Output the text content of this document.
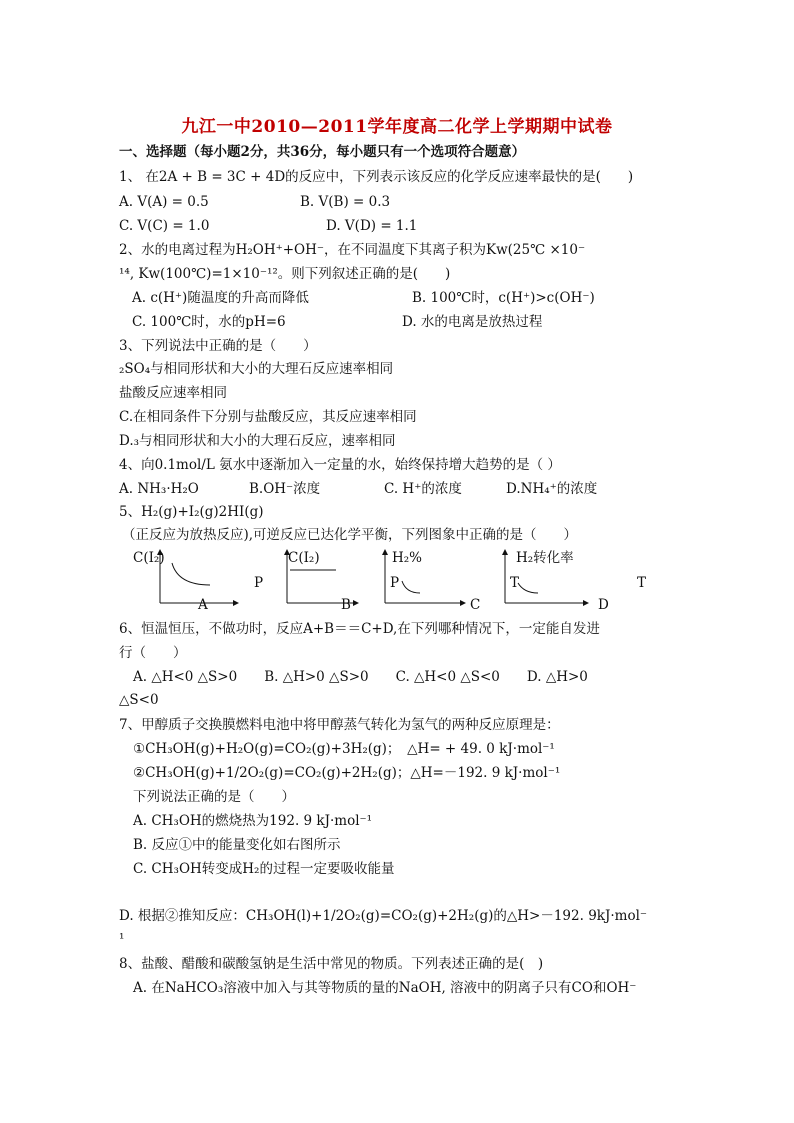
九江一中2010—2011学年度高二化学上学期期中试卷
一、选择题（每小题2分，共36分，每小题只有一个选项符合题意）
1、 在2A + B = 3C + 4D的反应中，下列表示该反应的化学反应速率最快的是(　　)
A. V(A) = 0.5	B. V(B) = 0.3
C. V(C) = 1.0	D. V(D) = 1.1
2、水的电离过程为H₂OH⁺+OH⁻，在不同温度下其离子积为Kw(25℃ ×10⁻
¹⁴, Kw(100℃)=1×10⁻¹²。则下列叙述正确的是(　　)
A. c(H⁺)随温度的升高而降低	B. 100℃时，c(H⁺)>c(OH⁻)
C. 100℃时，水的pH=6	D. 水的电离是放热过程
3、下列说法中正确的是（　　）
₂SO₄与相同形状和大小的大理石反应速率相同
盐酸反应速率相同
C.在相同条件下分别与盐酸反应，其反应速率相同
D.₃与相同形状和大小的大理石反应，速率相同
4、向0.1mol/L 氨水中逐渐加入一定量的水，始终保持增大趋势的是（ ）
A. NH₃·H₂O	B.OH⁻浓度	C. H⁺的浓度	D.NH₄⁺的浓度
5、H₂(g)+I₂(g)2HI(g)
（正反应为放热反应),可逆反应已达化学平衡，下列图象中正确的是（　　）
C(I₂)
P
A
C(I₂)
B
H₂%
P
C
H₂转化率
T
D
T
6、恒温恒压，不做功时，反应A+B＝＝C+D,在下列哪种情况下，一定能自发进
行（　　）
A. △H<0 △S>0　　B. △H>0 △S>0　　C. △H<0 △S<0　　D. △H>0
△S<0
7、甲醇质子交换膜燃料电池中将甲醇蒸气转化为氢气的两种反应原理是：
①CH₃OH(g)+H₂O(g)=CO₂(g)+3H₂(g)；　△H= + 49. 0 kJ·mol⁻¹
②CH₃OH(g)+1/2O₂(g)=CO₂(g)+2H₂(g)；△H=－192. 9 kJ·mol⁻¹
下列说法正确的是（　　）
A. CH₃OH的燃烧热为192. 9 kJ·mol⁻¹
B. 反应①中的能量变化如右图所示
C. CH₃OH转变成H₂的过程一定要吸收能量
D. 根据②推知反应：CH₃OH(l)+1/2O₂(g)=CO₂(g)+2H₂(g)的△H>－192. 9kJ·mol⁻
¹
8、盐酸、醋酸和碳酸氢钠是生活中常见的物质。下列表述正确的是(　)
A. 在NaHCO₃溶液中加入与其等物质的量的NaOH, 溶液中的阴离子只有CO和OH⁻
